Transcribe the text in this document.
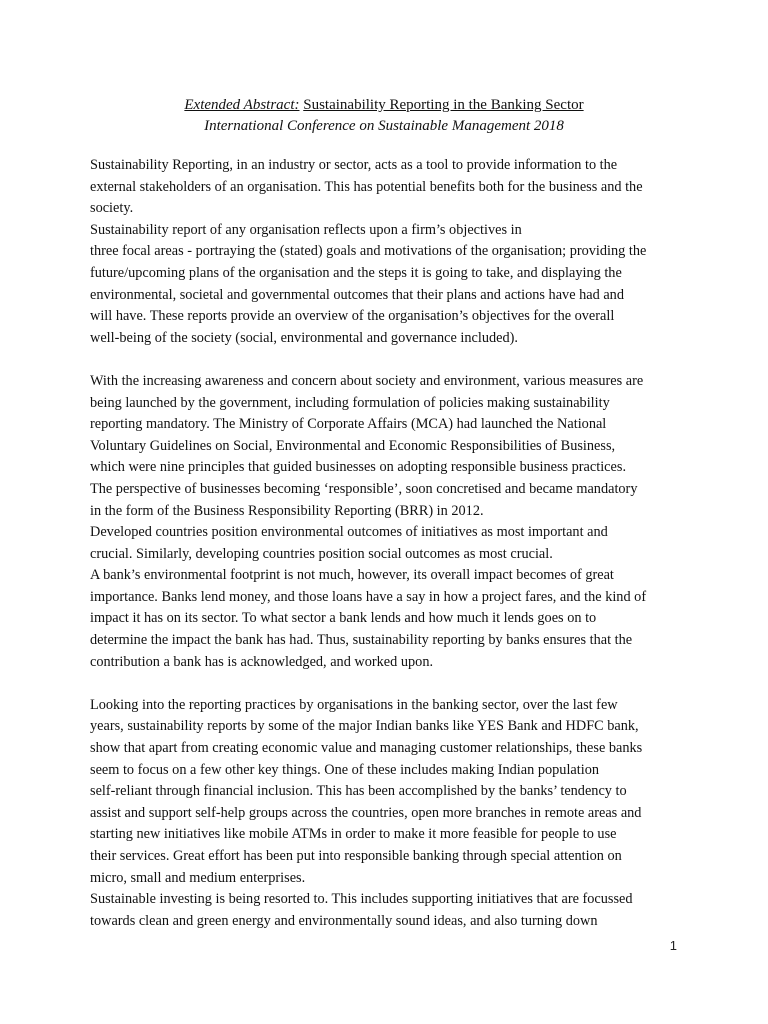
Extended Abstract: Sustainability Reporting in the Banking Sector
International Conference on Sustainable Management 2018
Sustainability Reporting, in an industry or sector, acts as a tool to provide information to the
external stakeholders of an organisation. This has potential benefits both for the business and the
society.
Sustainability report of any organisation reflects upon a firm’s objectives in
three focal areas - portraying the (stated) goals and motivations of the organisation; providing the
future/upcoming plans of the organisation and the steps it is going to take, and displaying the
environmental, societal and governmental outcomes that their plans and actions have had and
will have. These reports provide an overview of the organisation’s objectives for the overall
well-being of the society (social, environmental and governance included).
With the increasing awareness and concern about society and environment, various measures are
being launched by the government, including formulation of policies making sustainability
reporting mandatory. The Ministry of Corporate Affairs (MCA) had launched the National
Voluntary Guidelines on Social, Environmental and Economic Responsibilities of Business,
which were nine principles that guided businesses on adopting responsible business practices.
The perspective of businesses becoming ‘responsible’, soon concretised and became mandatory
in the form of the Business Responsibility Reporting (BRR) in 2012.
Developed countries position environmental outcomes of initiatives as most important and
crucial. Similarly, developing countries position social outcomes as most crucial.
A bank’s environmental footprint is not much, however, its overall impact becomes of great
importance. Banks lend money, and those loans have a say in how a project fares, and the kind of
impact it has on its sector. To what sector a bank lends and how much it lends goes on to
determine the impact the bank has had. Thus, sustainability reporting by banks ensures that the
contribution a bank has is acknowledged, and worked upon.
Looking into the reporting practices by organisations in the banking sector, over the last few
years, sustainability reports by some of the major Indian banks like YES Bank and HDFC bank,
show that apart from creating economic value and managing customer relationships, these banks
seem to focus on a few other key things. One of these includes making Indian population
self-reliant through financial inclusion. This has been accomplished by the banks’ tendency to
assist and support self-help groups across the countries, open more branches in remote areas and
starting new initiatives like mobile ATMs in order to make it more feasible for people to use
their services. Great effort has been put into responsible banking through special attention on
micro, small and medium enterprises.
Sustainable investing is being resorted to. This includes supporting initiatives that are focussed
towards clean and green energy and environmentally sound ideas, and also turning down
1
